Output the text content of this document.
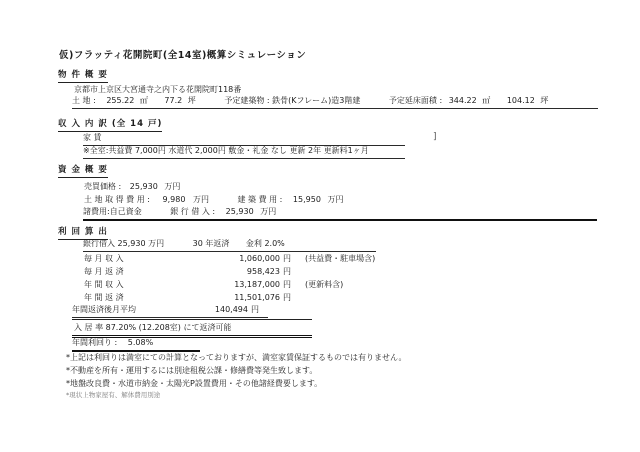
仮)フラッティ花開院町(全14室)概算シミュレーション
物 件 概 要
京都市上京区大宮通寺之内下る花開院町118番
土 地 : 255.22 ㎡ 77.2 坪	予定建築物 : 鉄骨(Kフレーム)造3階建	予定延床面積 : 344.22 ㎡ 104.12 坪
収 入 内 訳 (全 14 戸)
家 賃	]
※全室:共益費 7,000円 水道代 2,000円 敷金・礼金 なし 更新 2年 更新料1ヶ月
資 金 概 要
売買価格 : 25,930 万円
土 地 取 得 費 用 : 9,980 万円	建 築 費 用 : 15,950 万円
諸費用:自己資金	銀 行 借 入 : 25,930 万円
利 回 算 出
銀行借入 25,930 万円	30 年返済 金利 2.0%
毎 月 収 入	1,060,000 円 (共益費・駐車場含)
毎 月 返 済	958,423 円
年 間 収 入	13,187,000 円 (更新料含)
年 間 返 済	11,501,076 円
年間返済後月平均	140,494 円
入 居 率 87.20% (12.208室) にて返済可能
年間利回り : 5.08%
*上記は利回りは満室にての計算となっておりますが、満室家賃保証するものでは有りません。
*不動産を所有・運用するには別途租税公課・修繕費等発生致します。
*地盤改良費・水道市納金・太陽光P設置費用・その他諸経費要します。
*現状上物家屋有、解体費用別途
